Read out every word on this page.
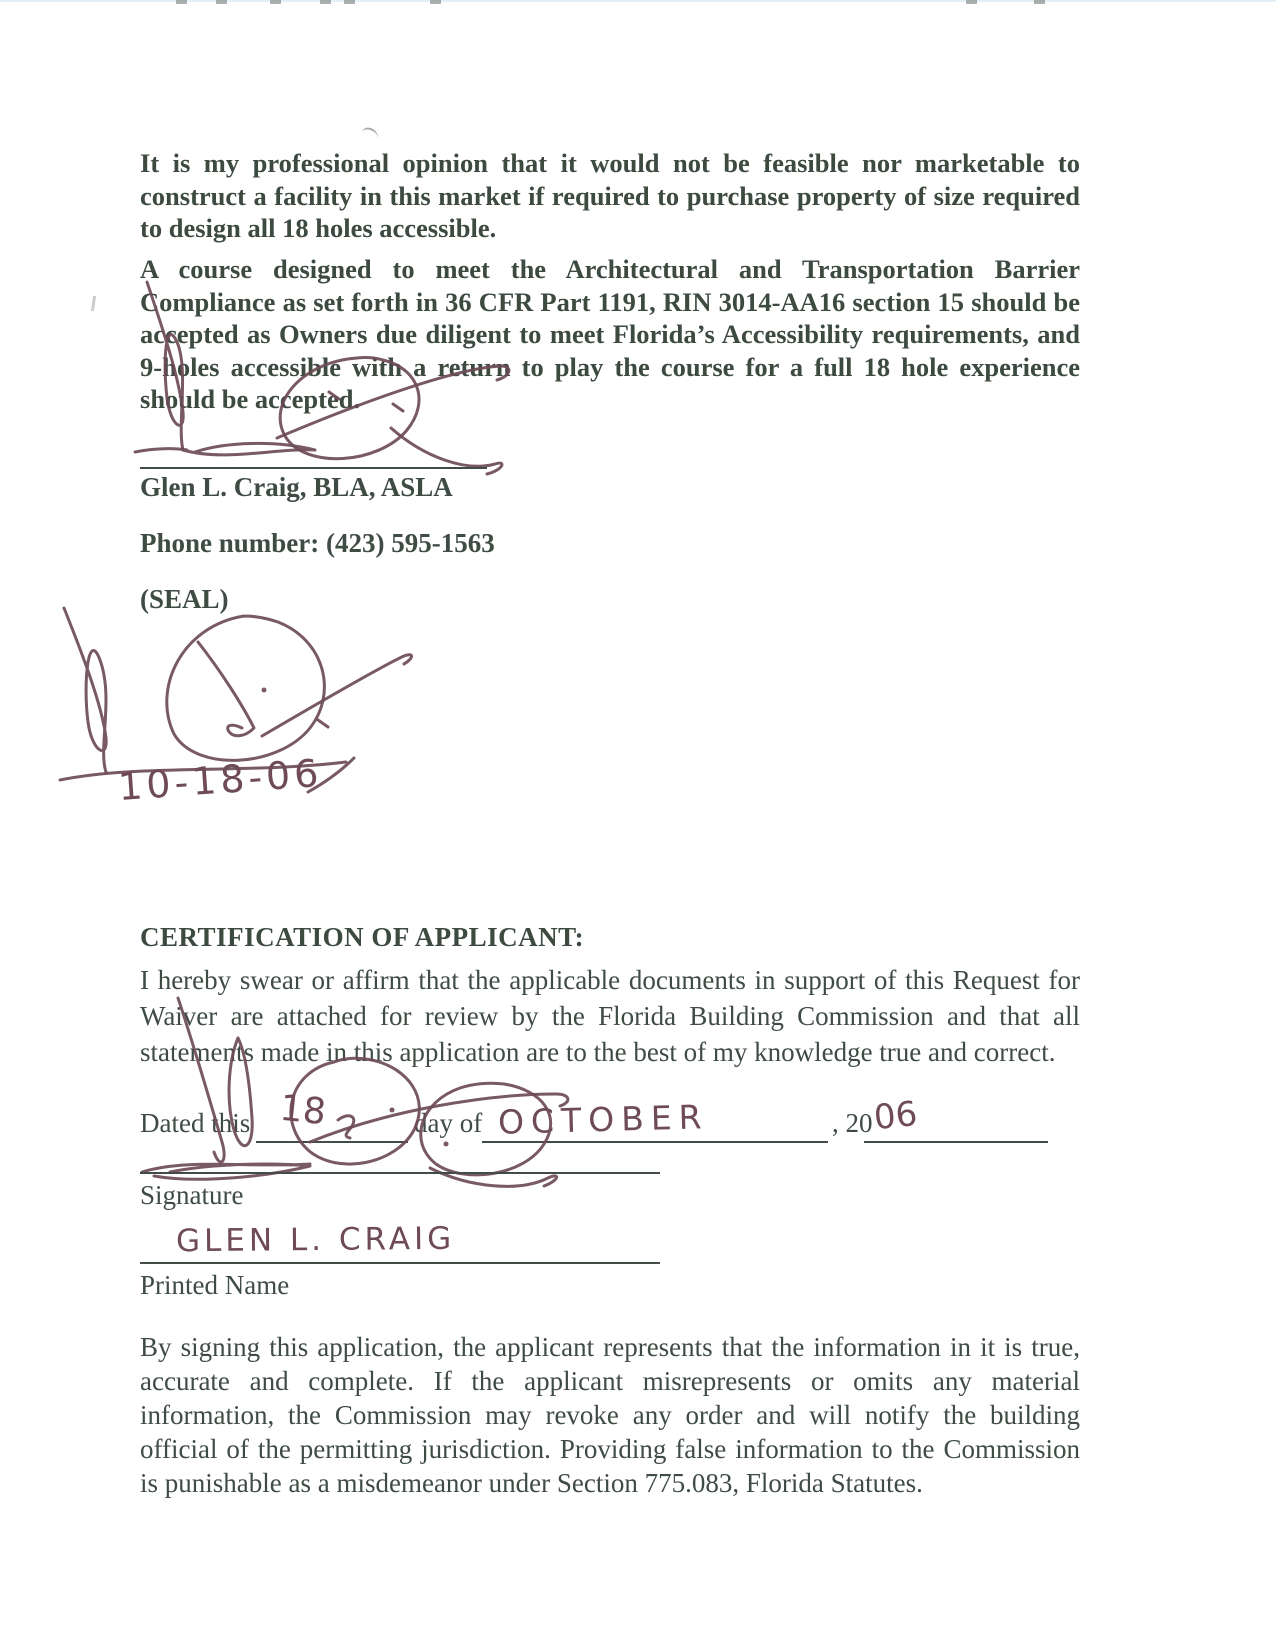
It is my professional opinion that it would not be feasible nor marketable to construct a facility in this market if required to purchase property of size required to design all 18 holes accessible.

A course designed to meet the Architectural and Transportation Barrier Compliance as set forth in 36 CFR Part 1191, RIN 3014-AA16 section 15 should be accepted as Owners due diligent to meet Florida’s Accessibility requirements, and 9-holes accessible with a return to play the course for a full 18 hole experience should be accepted.

Glen L. Craig, BLA, ASLA
Phone number: (423) 595-1563
(SEAL)
10-18-06
CERTIFICATION OF APPLICANT:

I hereby swear or affirm that the applicable documents in support of this Request for Waiver are attached for review by the Florida Building Commission and that all statements made in this application are to the best of my knowledge true and correct.

Dated this 18	day of OCTOBER	, 20 06
Signature
GLEN L. CRAIG
Printed Name

By signing this application, the applicant represents that the information in it is true, accurate and complete. If the applicant misrepresents or omits any material information, the Commission may revoke any order and will notify the building official of the permitting jurisdiction. Providing false information to the Commission is punishable as a misdemeanor under Section 775.083, Florida Statutes.
